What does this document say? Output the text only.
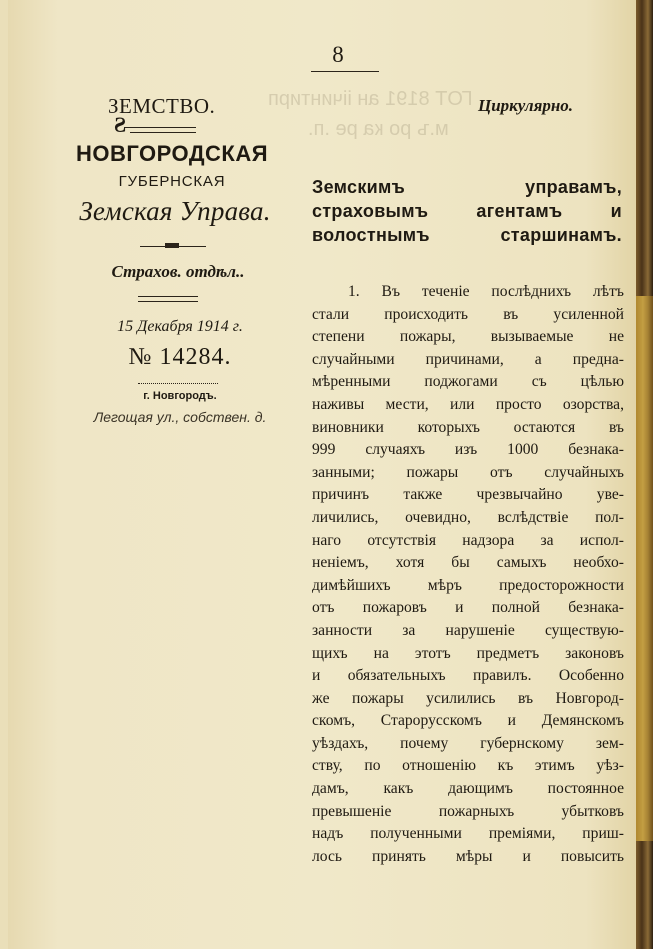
ГОТ 8191 ан іічинтирп
м.ъ ро ка ре .п.
8
ЗЕМСТВО.	Циркулярно.
Ƨ
НОВГОРОДСКАЯ
ГУБЕРНСКАЯ
Земская Управа.
Страхов. отдѣл..
15 Декабря 1914 г.
№ 14284.
г. Новгородъ.
Легощая ул., собствен. д.
Земскимъ управамъ,
страховымъ агентамъ и
волостнымъ старшинамъ.
1. Въ теченіе послѣднихъ лѣтъ
стали происходить въ усиленной
степени пожары, вызываемые не
случайными причинами, а предна-
мѣренными поджогами съ цѣлью
наживы мести, или просто озорства,
виновники которыхъ остаются въ
999 случаяхъ изъ 1000 безнака-
занными; пожары отъ случайныхъ
причинъ также чрезвычайно уве-
личились, очевидно, вслѣдствіе пол-
наго отсутствія надзора за испол-
неніемъ, хотя бы самыхъ необхо-
димѣйшихъ мѣръ предосторожности
отъ пожаровъ и полной безнака-
занности за нарушеніе существую-
щихъ на этотъ предметъ законовъ
и обязательныхъ правилъ. Особенно
же пожары усилились въ Новгород-
скомъ, Старорусскомъ и Демянскомъ
уѣздахъ, почему губернскому зем-
ству, по отношенію къ этимъ уѣз-
дамъ, какъ дающимъ постоянное
превышеніе пожарныхъ убытковъ
надъ полученными преміями, приш-
лось принять мѣры и повысить
